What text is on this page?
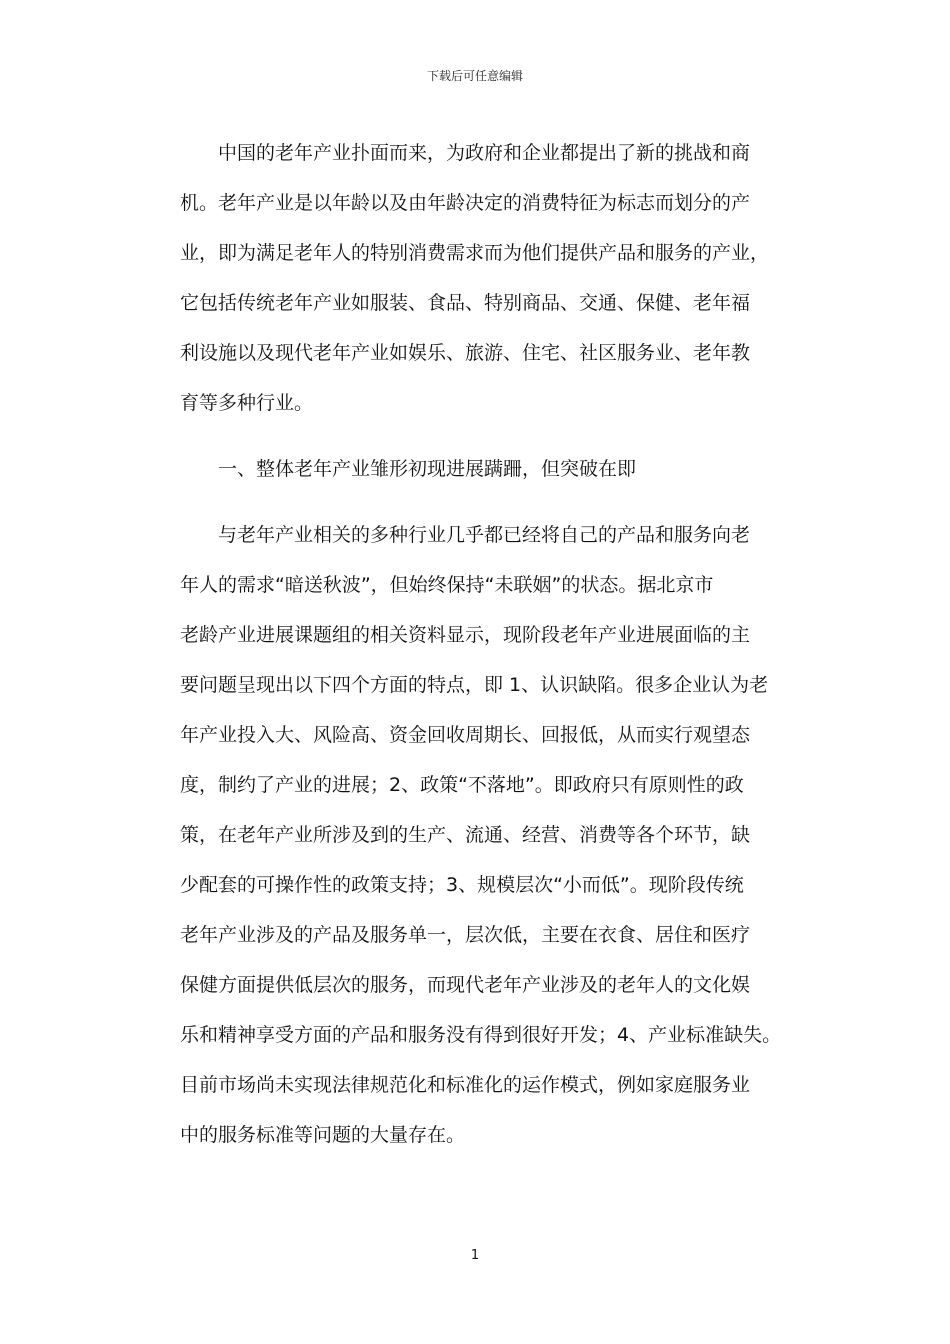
下载后可任意编辑
中国的老年产业扑面而来，为政府和企业都提出了新的挑战和商
机。老年产业是以年龄以及由年龄决定的消费特征为标志而划分的产
业，即为满足老年人的特别消费需求而为他们提供产品和服务的产业，
它包括传统老年产业如服装、食品、特别商品、交通、保健、老年福
利设施以及现代老年产业如娱乐、旅游、住宅、社区服务业、老年教
育等多种行业。
一、整体老年产业雏形初现进展蹒跚，但突破在即
与老年产业相关的多种行业几乎都已经将自己的产品和服务向老
年人的需求“暗送秋波”，但始终保持“未联姻”的状态。据北京市
老龄产业进展课题组的相关资料显示，现阶段老年产业进展面临的主
要问题呈现出以下四个方面的特点，即 1、认识缺陷。很多企业认为老
年产业投入大、风险高、资金回收周期长、回报低，从而实行观望态
度，制约了产业的进展；2、政策“不落地”。即政府只有原则性的政
策，在老年产业所涉及到的生产、流通、经营、消费等各个环节，缺
少配套的可操作性的政策支持；3、规模层次“小而低”。现阶段传统
老年产业涉及的产品及服务单一，层次低，主要在衣食、居住和医疗
保健方面提供低层次的服务，而现代老年产业涉及的老年人的文化娱
乐和精神享受方面的产品和服务没有得到很好开发；4、产业标准缺失。
目前市场尚未实现法律规范化和标准化的运作模式，例如家庭服务业
中的服务标准等问题的大量存在。
1
